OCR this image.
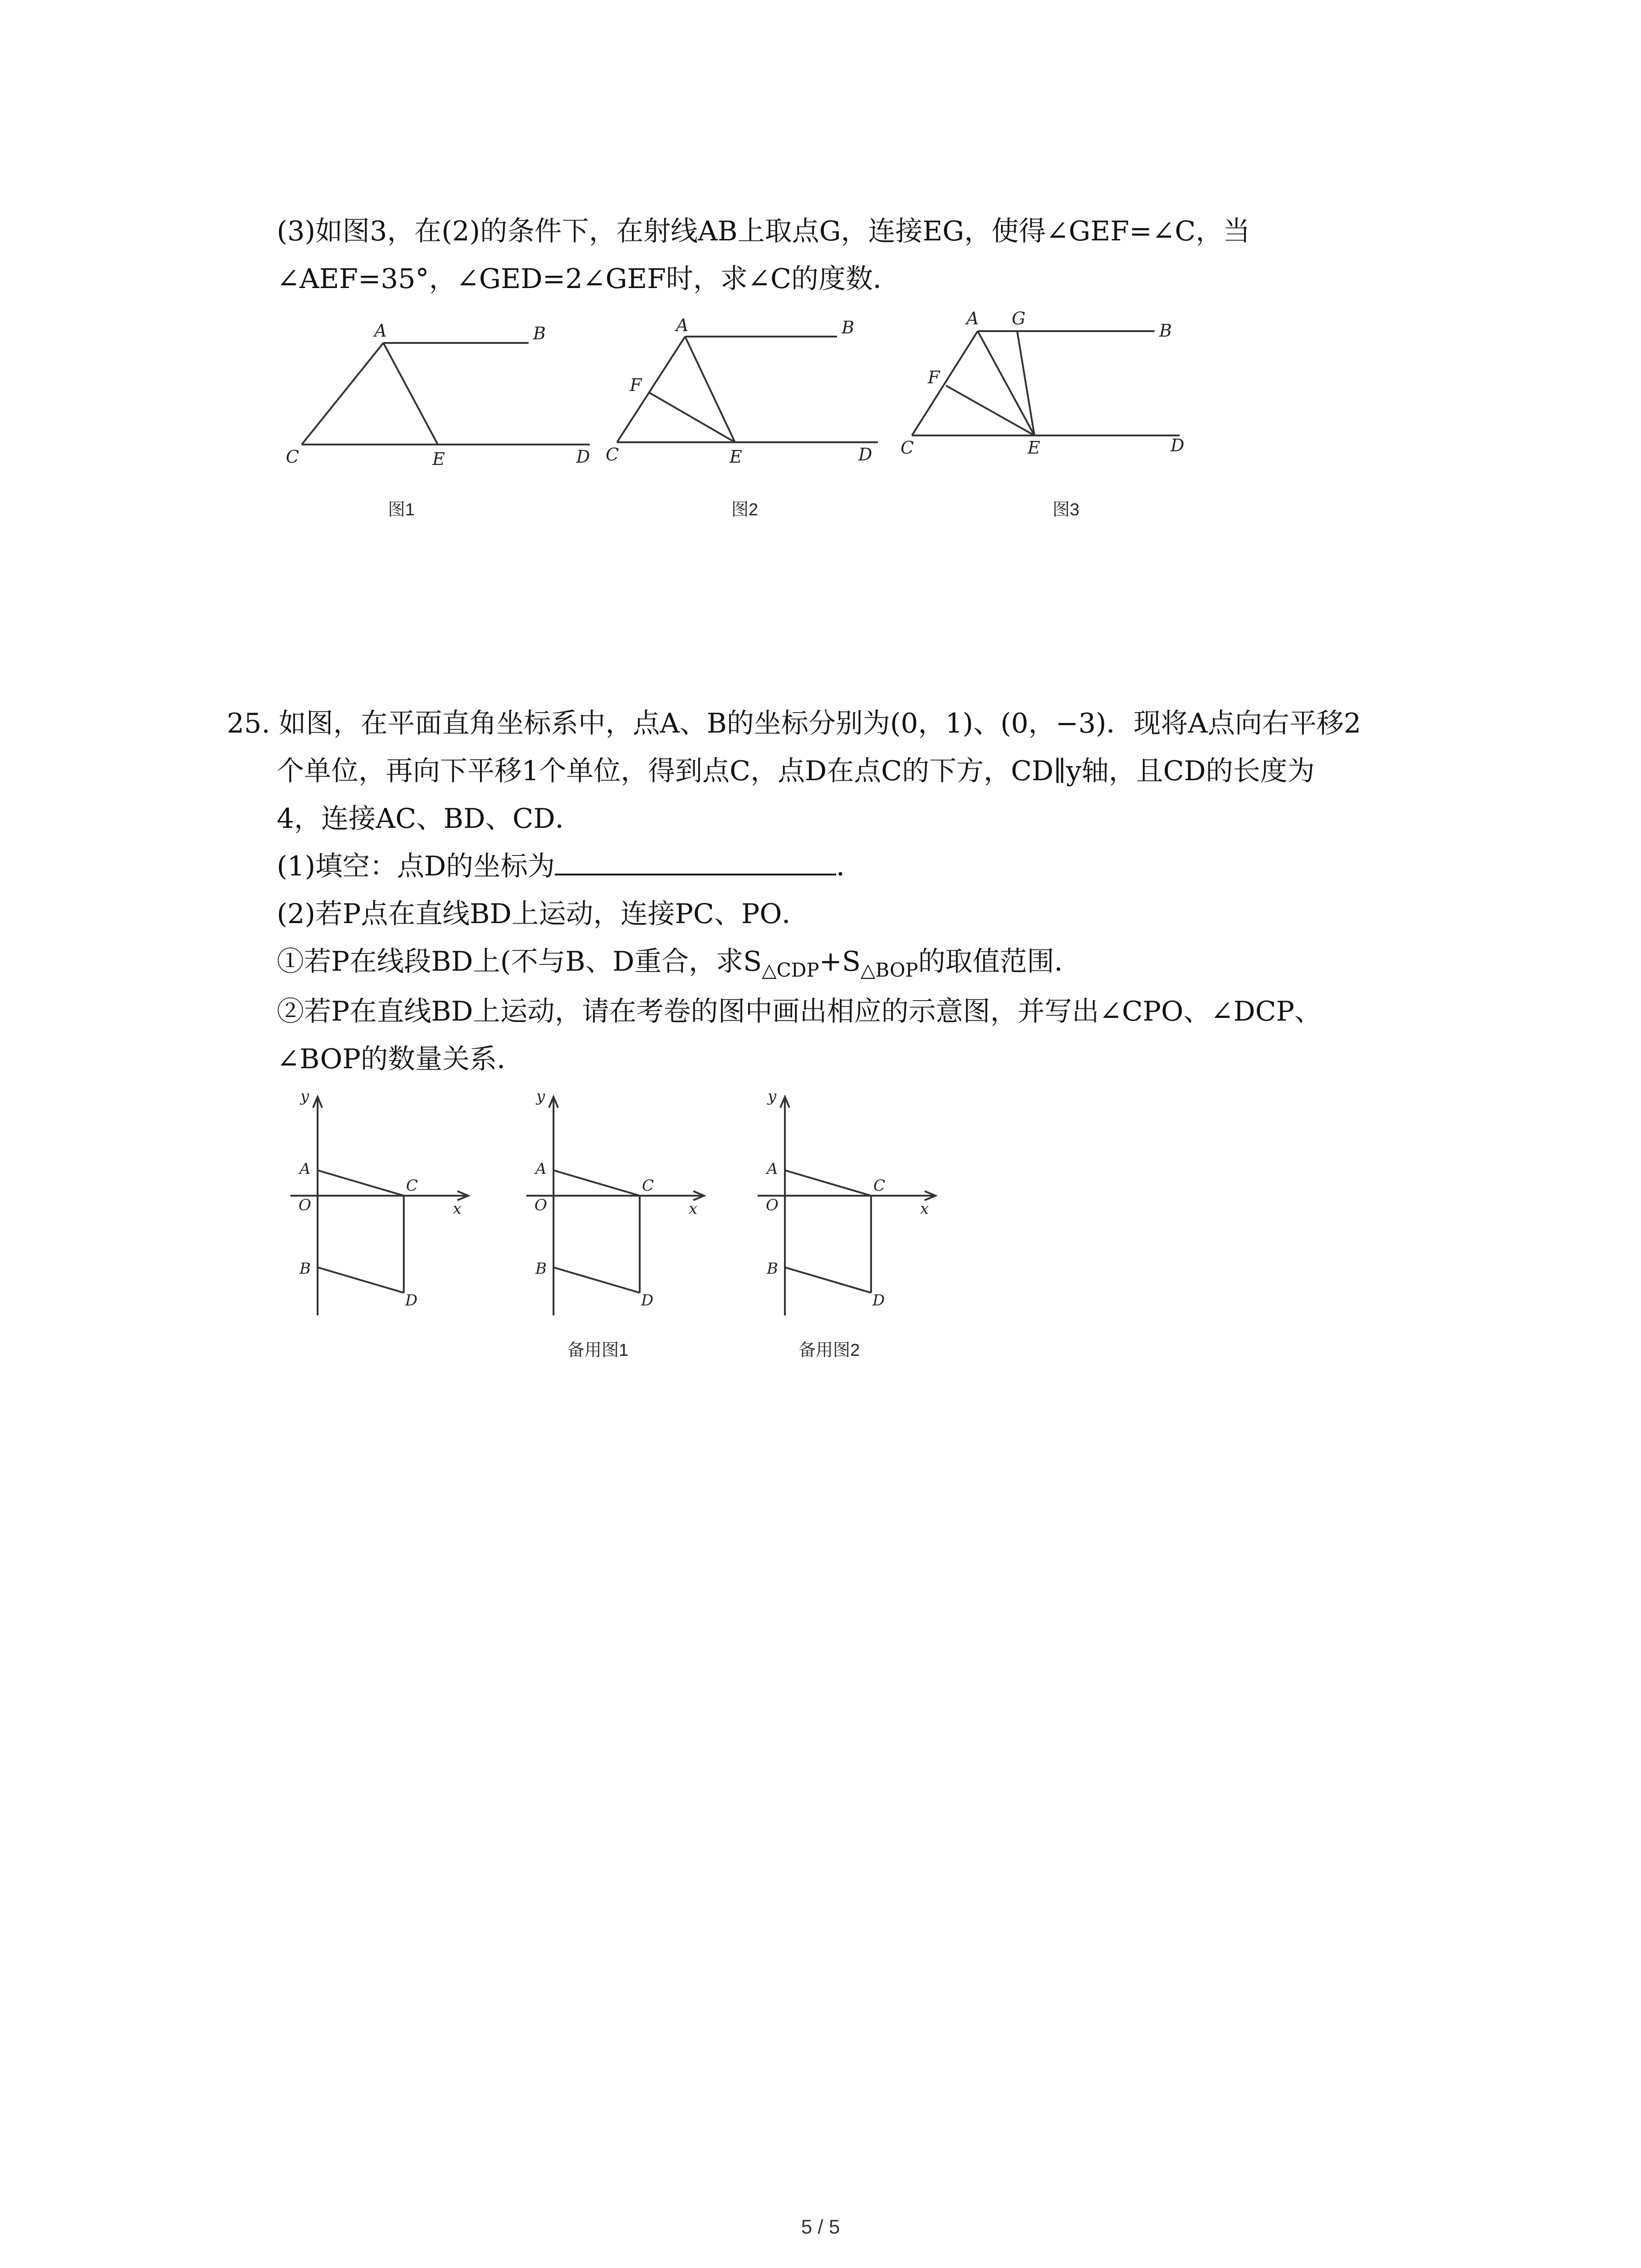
(3)如图3，在(2)的条件下，在射线AB上取点G，连接EG，使得∠GEF=∠C，当
∠AEF=35°，∠GED=2∠GEF时，求∠C的度数．
A	B
C	E	D
图1
A	B
F
C	E	D
图2
A G
B
F
C	E	D
图3
25. 如图，在平面直角坐标系中，点A、B的坐标分别为(0，1)、(0，−3)．现将A点向右平移2
个单位，再向下平移1个单位，得到点C，点D在点C的下方，CD∥y轴，且CD的长度为
4，连接AC、BD、CD．
(1)填空：点D的坐标为	．
(2)若P点在直线BD上运动，连接PC、PO．
①若P在线段BD上(不与B、D重合，求$S_{\triangle CDP}+S_{\triangle BOP}$的取值范围．
②若P在直线BD上运动，请在考卷的图中画出相应的示意图，并写出∠CPO、∠DCP、
∠BOP的数量关系．
y
A
C
O	x
B
D
y
A
C
O	x
B
D
备用图1
y
A
C
O	x
B
D
备用图2
5 / 5
